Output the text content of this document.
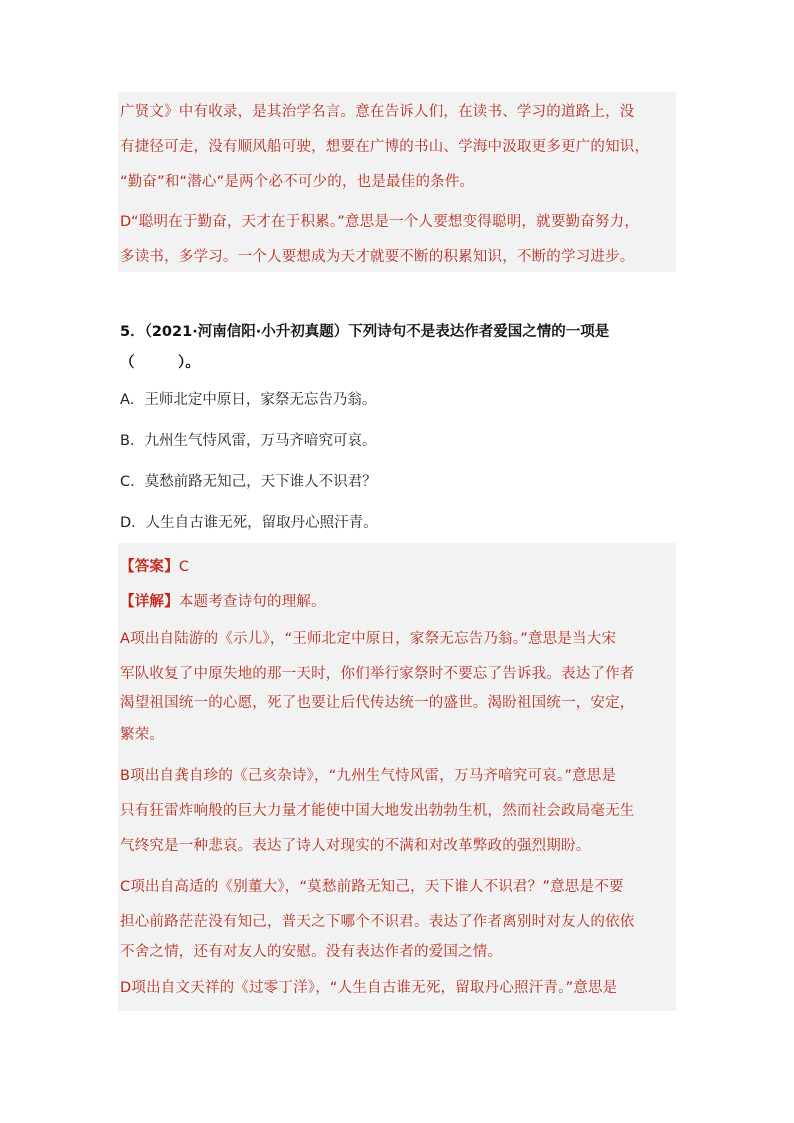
广贤文》中有收录，是其治学名言。意在告诉人们，在读书、学习的道路上，没
有捷径可走，没有顺风船可驶，想要在广博的书山、学海中汲取更多更广的知识，
“勤奋”和“潜心”是两个必不可少的，也是最佳的条件。
D“聪明在于勤奋，天才在于积累。”意思是一个人要想变得聪明，就要勤奋努力，
多读书，多学习。一个人要想成为天才就要不断的积累知识，不断的学习进步。
5．（2021·河南信阳·小升初真题）下列诗句不是表达作者爱国之情的一项是
（　　　）。
A．王师北定中原日，家祭无忘告乃翁。
B．九州生气恃风雷，万马齐喑究可哀。
C．莫愁前路无知己，天下谁人不识君？
D．人生自古谁无死，留取丹心照汗青。
【答案】C
【详解】本题考查诗句的理解。
A项出自陆游的《示儿》，“王师北定中原日，家祭无忘告乃翁。”意思是当大宋
军队收复了中原失地的那一天时，你们举行家祭时不要忘了告诉我。表达了作者
渴望祖国统一的心愿，死了也要让后代传达统一的盛世。渴盼祖国统一，安定，
繁荣。
B项出自龚自珍的《己亥杂诗》，“九州生气恃风雷，万马齐喑究可哀。”意思是
只有狂雷炸响般的巨大力量才能使中国大地发出勃勃生机，然而社会政局毫无生
气终究是一种悲哀。表达了诗人对现实的不满和对改革弊政的强烈期盼。
C项出自高适的《别董大》，“莫愁前路无知己，天下谁人不识君？”意思是不要
担心前路茫茫没有知己，普天之下哪个不识君。表达了作者离别时对友人的依依
不舍之情，还有对友人的安慰。没有表达作者的爱国之情。
D项出自文天祥的《过零丁洋》，“人生自古谁无死，留取丹心照汗青。”意思是
